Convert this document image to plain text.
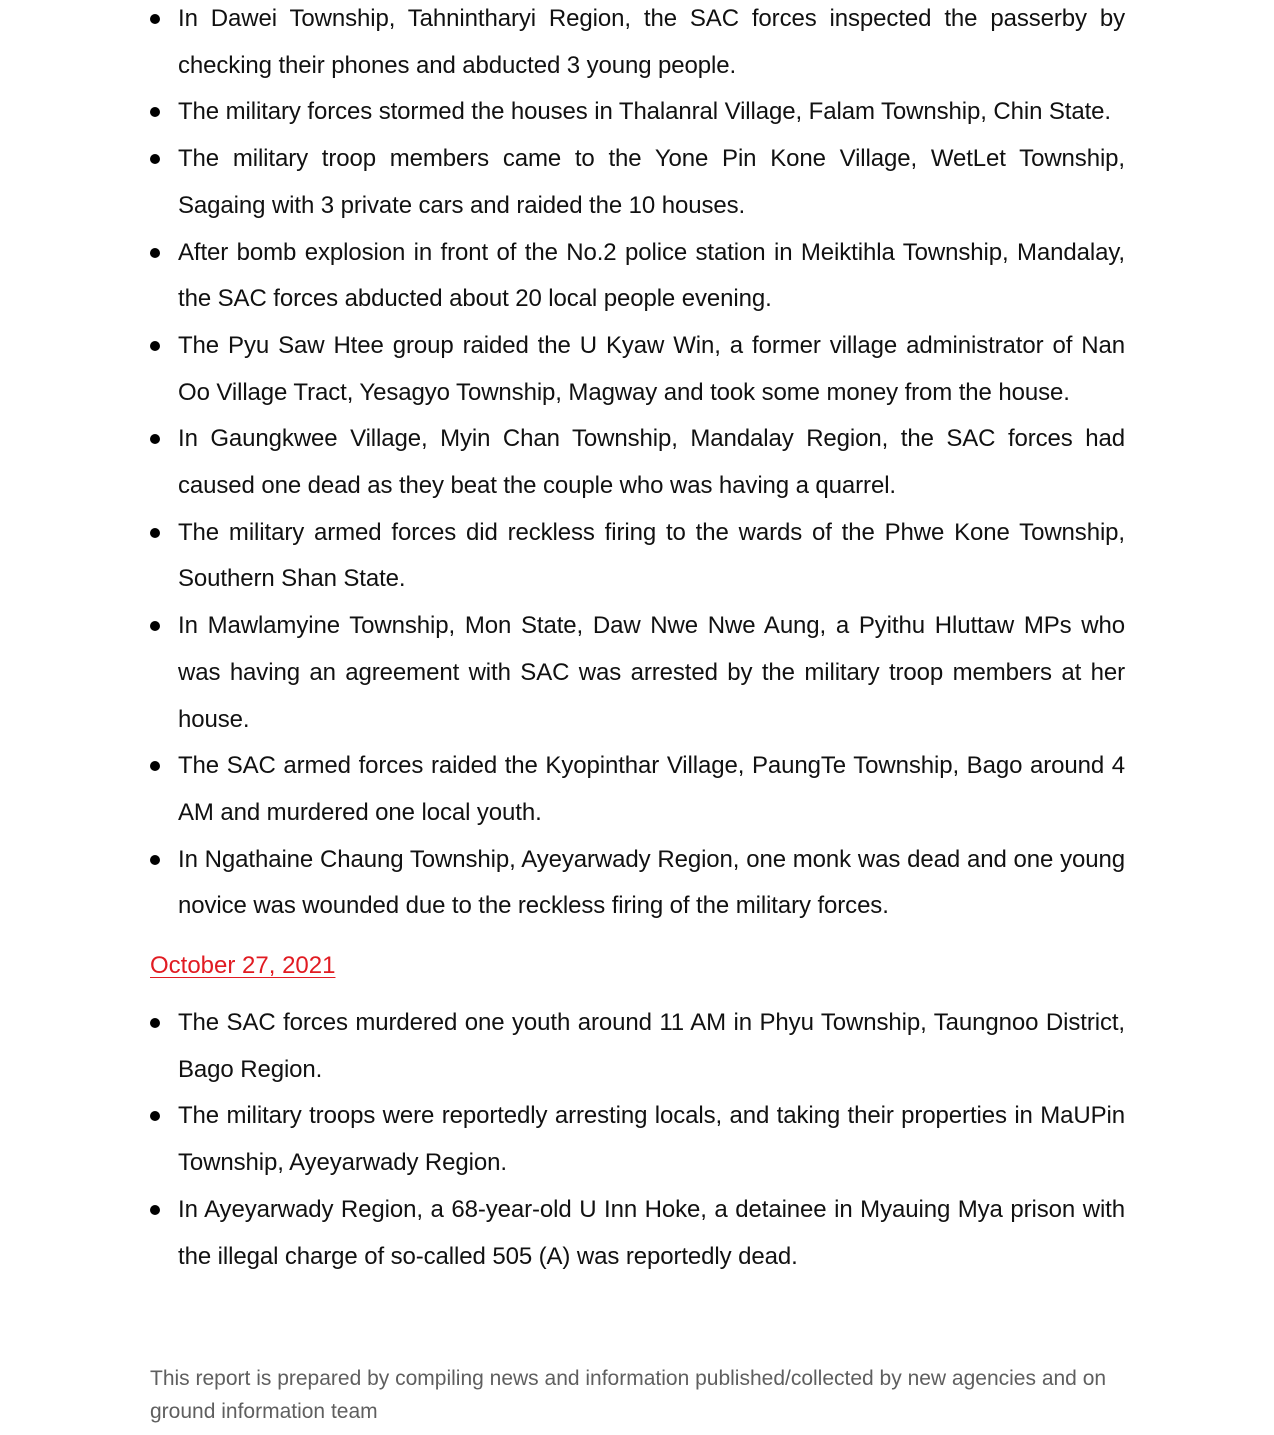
In Dawei Township, Tahnintharyi Region, the SAC forces inspected the passerby by checking their phones and abducted 3 young people.
The military forces stormed the houses in Thalanral Village, Falam Township, Chin State.
The military troop members came to the Yone Pin Kone Village, WetLet Township, Sagaing with 3 private cars and raided the 10 houses.
After bomb explosion in front of the No.2 police station in Meiktihla Township, Mandalay, the SAC forces abducted about 20 local people evening.
The Pyu Saw Htee group raided the U Kyaw Win, a former village administrator of Nan Oo Village Tract, Yesagyo Township, Magway and took some money from the house.
In Gaungkwee Village, Myin Chan Township, Mandalay Region, the SAC forces had caused one dead as they beat the couple who was having a quarrel.
The military armed forces did reckless firing to the wards of the Phwe Kone Township, Southern Shan State.
In Mawlamyine Township, Mon State, Daw Nwe Nwe Aung, a Pyithu Hluttaw MPs who was having an agreement with SAC was arrested by the military troop members at her house.
The SAC armed forces raided the Kyopinthar Village, PaungTe Township, Bago around 4 AM and murdered one local youth.
In Ngathaine Chaung Township, Ayeyarwady Region, one monk was dead and one young novice was wounded due to the reckless firing of the military forces.
October 27, 2021
The SAC forces murdered one youth around 11 AM in Phyu Township, Taungnoo District, Bago Region.
The military troops were reportedly arresting locals, and taking their properties in MaUPin Township, Ayeyarwady Region.
In Ayeyarwady Region, a 68-year-old U Inn Hoke, a detainee in Myauing Mya prison with the illegal charge of so-called 505 (A) was reportedly dead.

This report is prepared by compiling news and information published/collected by new agencies and on ground information team
